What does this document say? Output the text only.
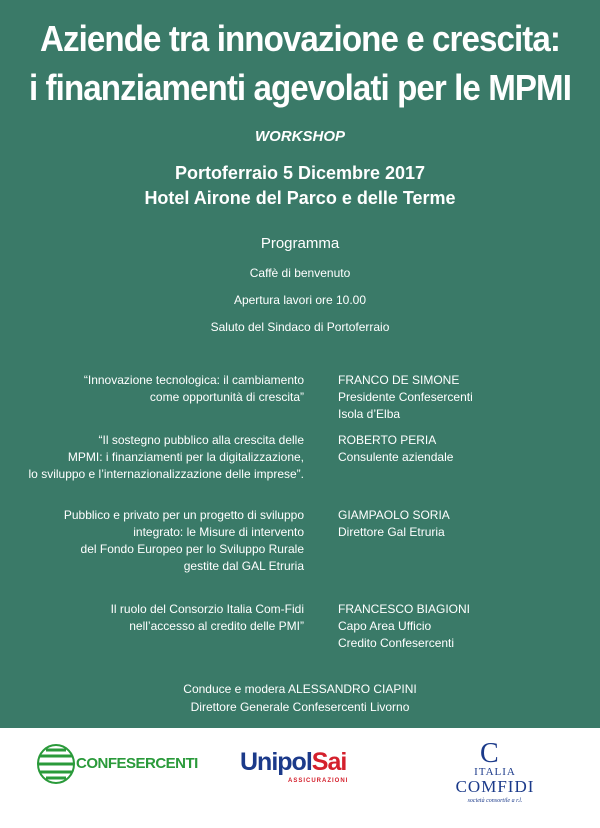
Aziende tra innovazione e crescita:
i finanziamenti agevolati per le MPMI
WORKSHOP
Portoferraio 5 Dicembre 2017
Hotel Airone del Parco e delle Terme
Programma
Caffè di benvenuto
Apertura lavori ore 10.00
Saluto del Sindaco di Portoferraio
“Innovazione tecnologica: il cambiamento
come opportunità di crescita”
FRANCO DE SIMONE
Presidente Confesercenti
Isola d’Elba
“Il sostegno pubblico alla crescita delle
MPMI: i finanziamenti per la digitalizzazione,
lo sviluppo e l’internazionalizzazione delle imprese”.
ROBERTO PERIA
Consulente aziendale
Pubblico e privato per un progetto di sviluppo
integrato: le Misure di intervento
del Fondo Europeo per lo Sviluppo Rurale
gestite dal GAL Etruria
GIAMPAOLO SORIA
Direttore Gal Etruria
Il ruolo del Consorzio Italia Com-Fidi
nell’accesso al credito delle PMI”
FRANCESCO BIAGIONI
Capo Area Ufficio
Credito Confesercenti
Conduce e modera ALESSANDRO CIAPINI
Direttore Generale Confesercenti Livorno
CONFESERCENTI UnipolSai
ASSICURAZIONI
C
ITALIA
COMFIDI
società consortile a r.l.
